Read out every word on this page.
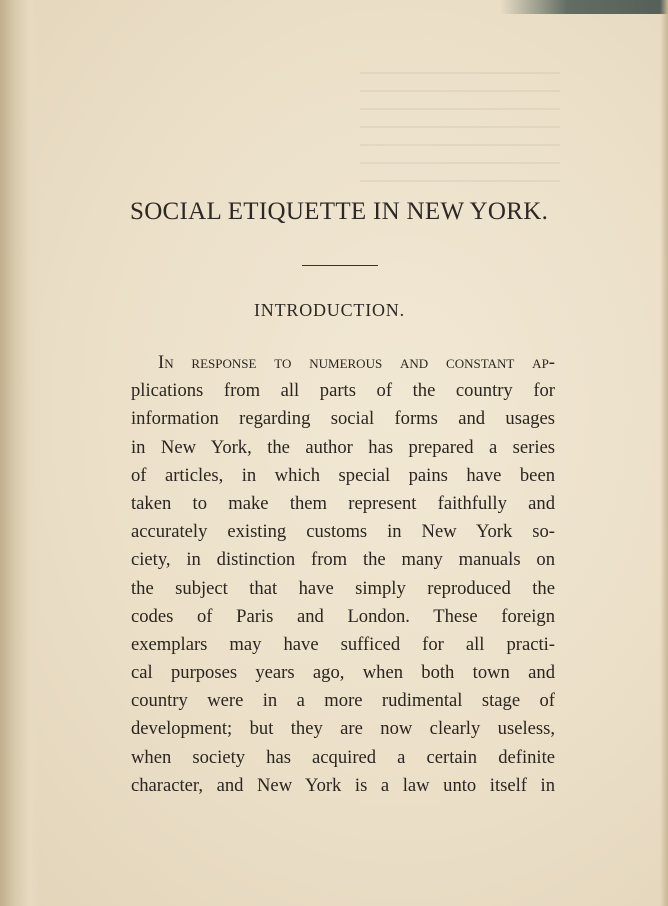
SOCIAL ETIQUETTE IN NEW YORK.
INTRODUCTION.
In response to numerous and constant ap-
plications from all parts of the country for
information regarding social forms and usages
in New York, the author has prepared a series
of articles, in which special pains have been
taken to make them represent faithfully and
accurately existing customs in New York so-
ciety, in distinction from the many manuals on
the subject that have simply reproduced the
codes of Paris and London. These foreign
exemplars may have sufficed for all practi-
cal purposes years ago, when both town and
country were in a more rudimental stage of
development; but they are now clearly useless,
when society has acquired a certain definite
character, and New York is a law unto itself in
